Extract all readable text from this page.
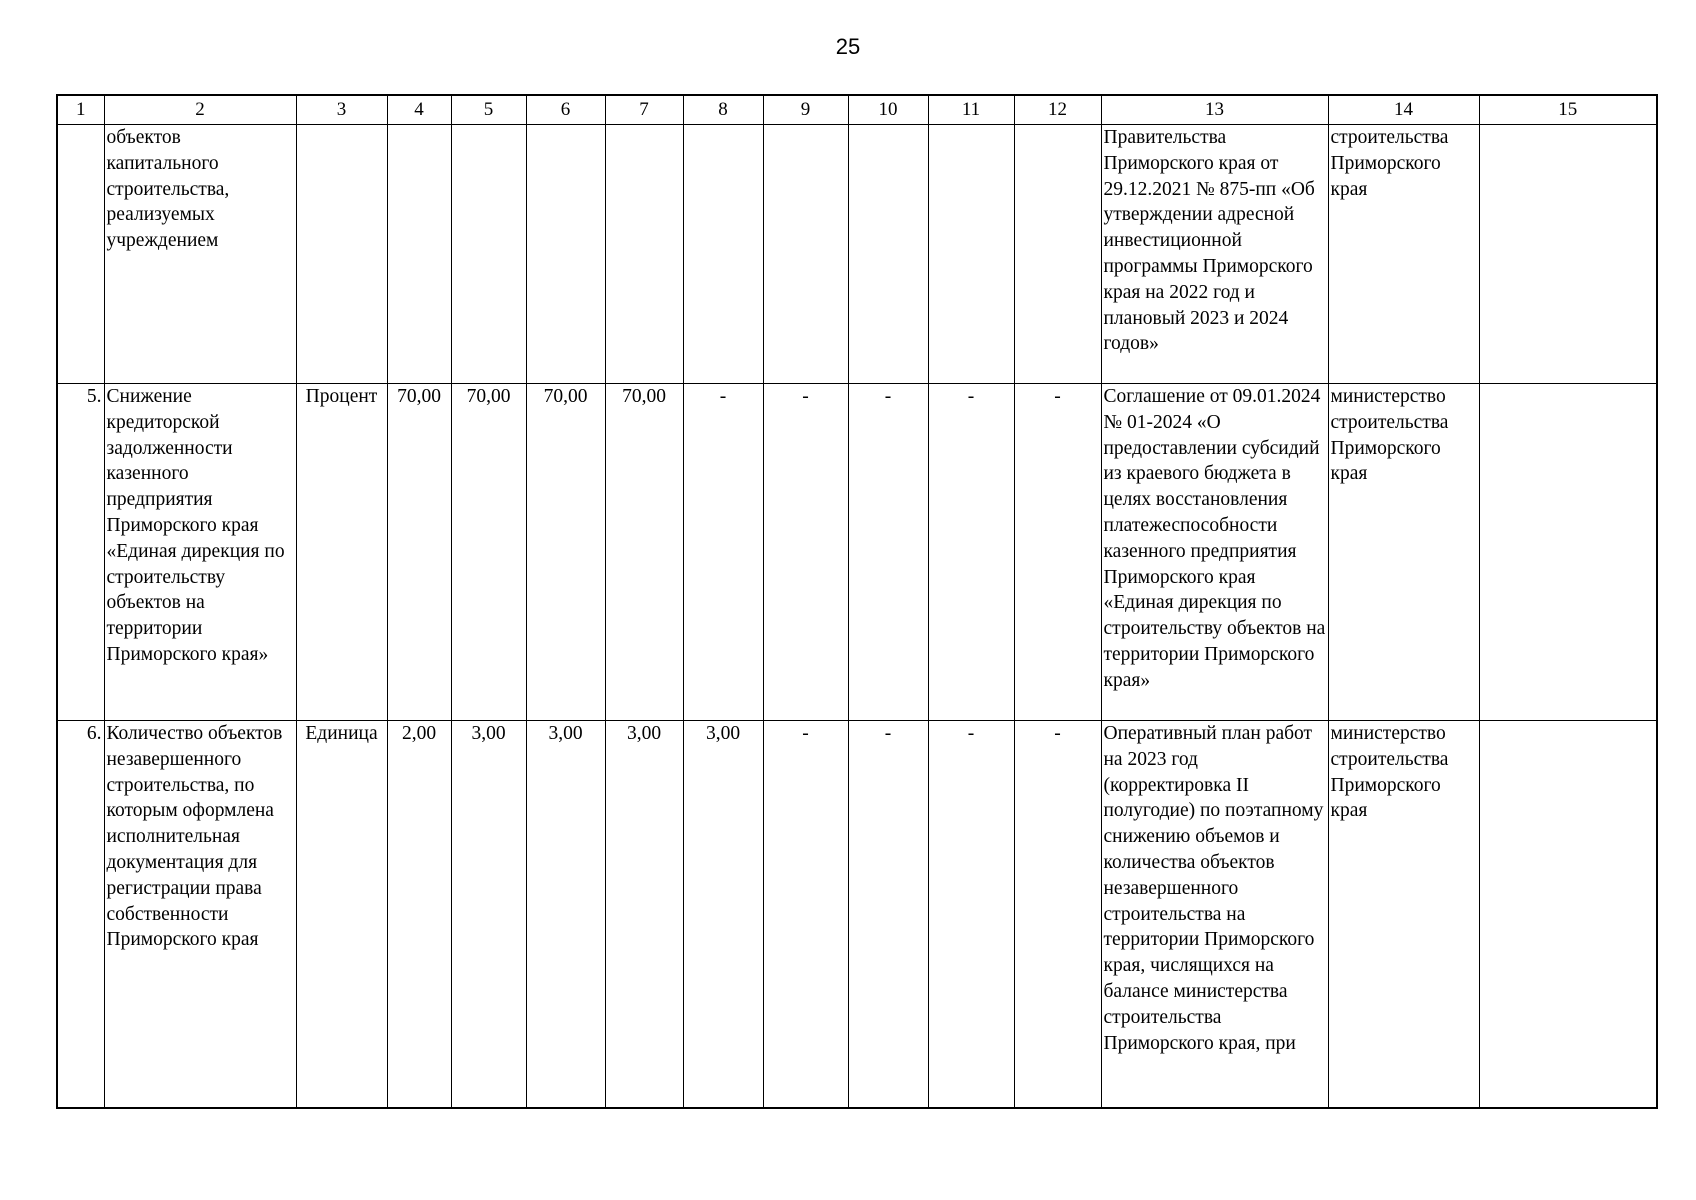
25
1	2	3	4	5	6	7	8	9	10	11	12	13	14	15
	объектов капитального строительства, реализуемых учреждением											Правительства Приморского края от 29.12.2021 № 875-пп «Об утверждении адресной инвестиционной программы Приморского края на 2022 год и плановый 2023 и 2024 годов»	строительства Приморского края	
5.	Снижение кредиторской задолженности казенного предприятия Приморского края «Единая дирекция по строительству объектов на территории Приморского края»	Процент	70,00	70,00	70,00	70,00	-	-	-	-	-	Соглашение от 09.01.2024 № 01-2024 «О предоставлении субсидий из краевого бюджета в целях восстановления платежеспособности казенного предприятия Приморского края «Единая дирекция по строительству объектов на территории Приморского края»	министерство строительства Приморского края	
6.	Количество объектов незавершенного строительства, по которым оформлена исполнительная документация для регистрации права собственности Приморского края	Единица	2,00	3,00	3,00	3,00	3,00	-	-	-	-	Оперативный план работ на 2023 год (корректировка II полугодие) по поэтапному снижению объемов и количества объектов незавершенного строительства на территории Приморского края, числящихся на балансе министерства строительства Приморского края, при	министерство строительства Приморского края	
